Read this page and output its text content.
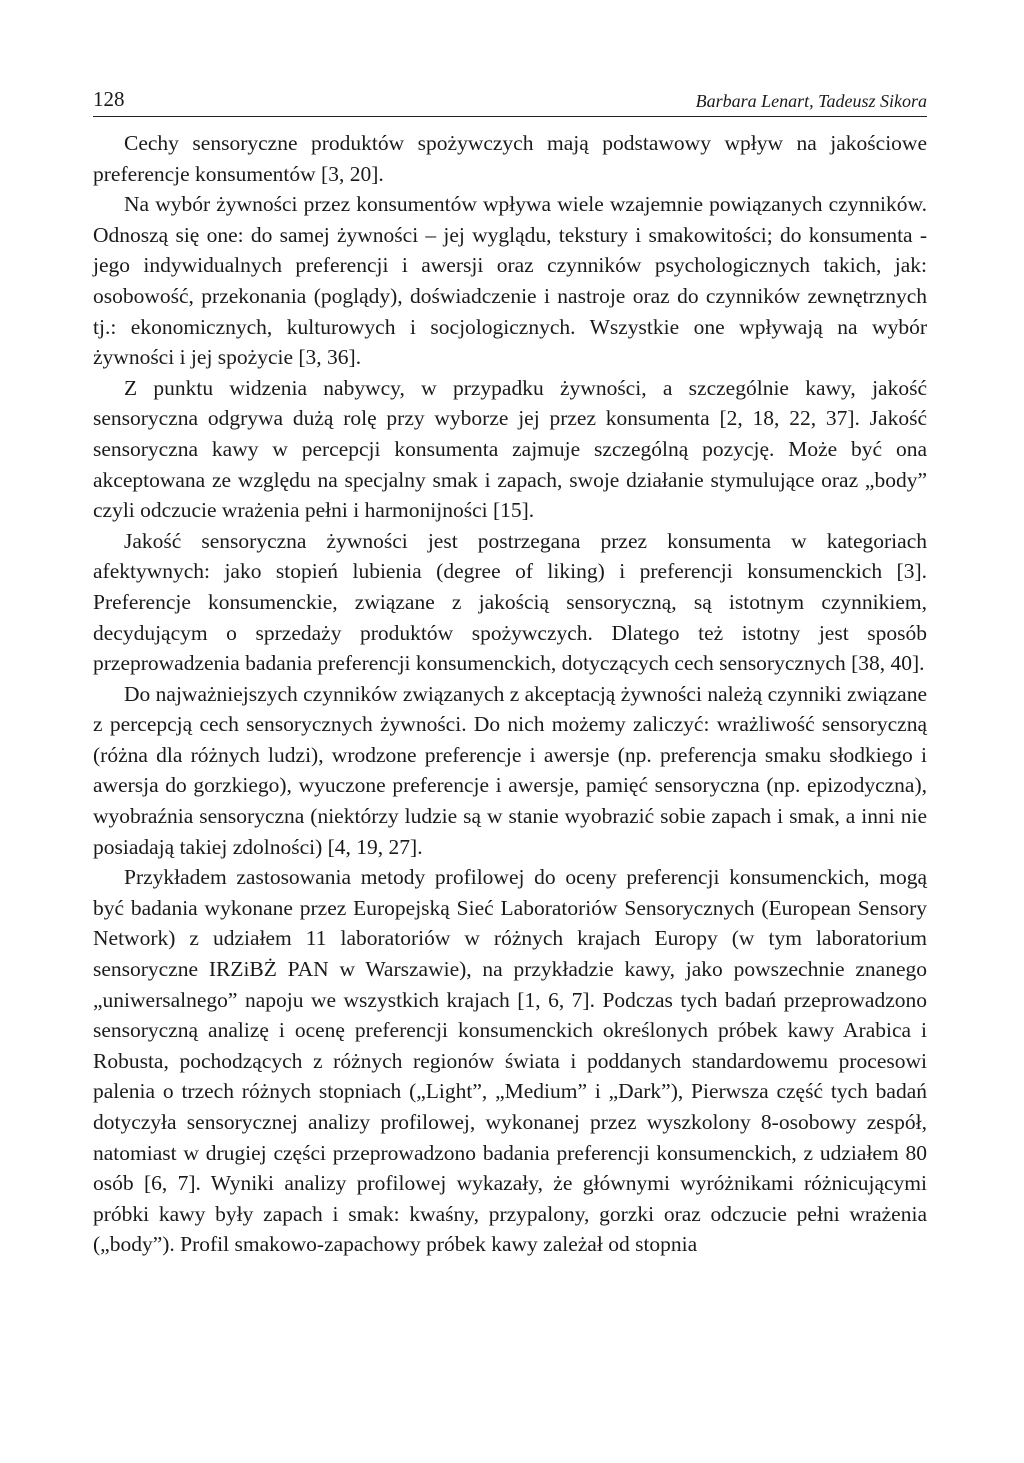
128	Barbara Lenart, Tadeusz Sikora

Cechy sensoryczne produktów spożywczych mają podstawowy wpływ na jakościowe preferencje konsumentów [3, 20].

Na wybór żywności przez konsumentów wpływa wiele wzajemnie powiązanych czynników. Odnoszą się one: do samej żywności – jej wyglądu, tekstury i smakowitości; do konsumenta - jego indywidualnych preferencji i awersji oraz czynników psychologicznych takich, jak: osobowość, przekonania (poglądy), doświadczenie i nastroje oraz do czynników zewnętrznych tj.: ekonomicznych, kulturowych i socjologicznych. Wszystkie one wpływają na wybór żywności i jej spożycie [3, 36].

Z punktu widzenia nabywcy, w przypadku żywności, a szczególnie kawy, jakość sensoryczna odgrywa dużą rolę przy wyborze jej przez konsumenta [2, 18, 22, 37]. Jakość sensoryczna kawy w percepcji konsumenta zajmuje szczególną pozycję. Może być ona akceptowana ze względu na specjalny smak i zapach, swoje działanie stymulujące oraz „body” czyli odczucie wrażenia pełni i harmonijności [15].

Jakość sensoryczna żywności jest postrzegana przez konsumenta w kategoriach afektywnych: jako stopień lubienia (degree of liking) i preferencji konsumenckich [3]. Preferencje konsumenckie, związane z jakością sensoryczną, są istotnym czynnikiem, decydującym o sprzedaży produktów spożywczych. Dlatego też istotny jest sposób przeprowadzenia badania preferencji konsumenckich, dotyczących cech sensorycznych [38, 40].

Do najważniejszych czynników związanych z akceptacją żywności należą czynniki związane z percepcją cech sensorycznych żywności. Do nich możemy zaliczyć: wrażliwość sensoryczną (różna dla różnych ludzi), wrodzone preferencje i awersje (np. preferencja smaku słodkiego i awersja do gorzkiego), wyuczone preferencje i awersje, pamięć sensoryczna (np. epizodyczna), wyobraźnia sensoryczna (niektórzy ludzie są w stanie wyobrazić sobie zapach i smak, a inni nie posiadają takiej zdolności) [4, 19, 27].

Przykładem zastosowania metody profilowej do oceny preferencji konsumenckich, mogą być badania wykonane przez Europejską Sieć Laboratoriów Sensorycznych (European Sensory Network) z udziałem 11 laboratoriów w różnych krajach Europy (w tym laboratorium sensoryczne IRZiBŻ PAN w Warszawie), na przykładzie kawy, jako powszechnie znanego „uniwersalnego” napoju we wszystkich krajach [1, 6, 7]. Podczas tych badań przeprowadzono sensoryczną analizę i ocenę preferencji konsumenckich określonych próbek kawy Arabica i Robusta, pochodzących z różnych regionów świata i poddanych standardowemu procesowi palenia o trzech różnych stopniach („Light”, „Medium” i „Dark”), Pierwsza część tych badań dotyczyła sensorycznej analizy profilowej, wykonanej przez wyszkolony 8-osobowy zespół, natomiast w drugiej części przeprowadzono badania preferencji konsumenckich, z udziałem 80 osób [6, 7]. Wyniki analizy profilowej wykazały, że głównymi wyróżnikami różnicującymi próbki kawy były zapach i smak: kwaśny, przypalony, gorzki oraz odczucie pełni wrażenia („body”). Profil smakowo-zapachowy próbek kawy zależał od stopnia
